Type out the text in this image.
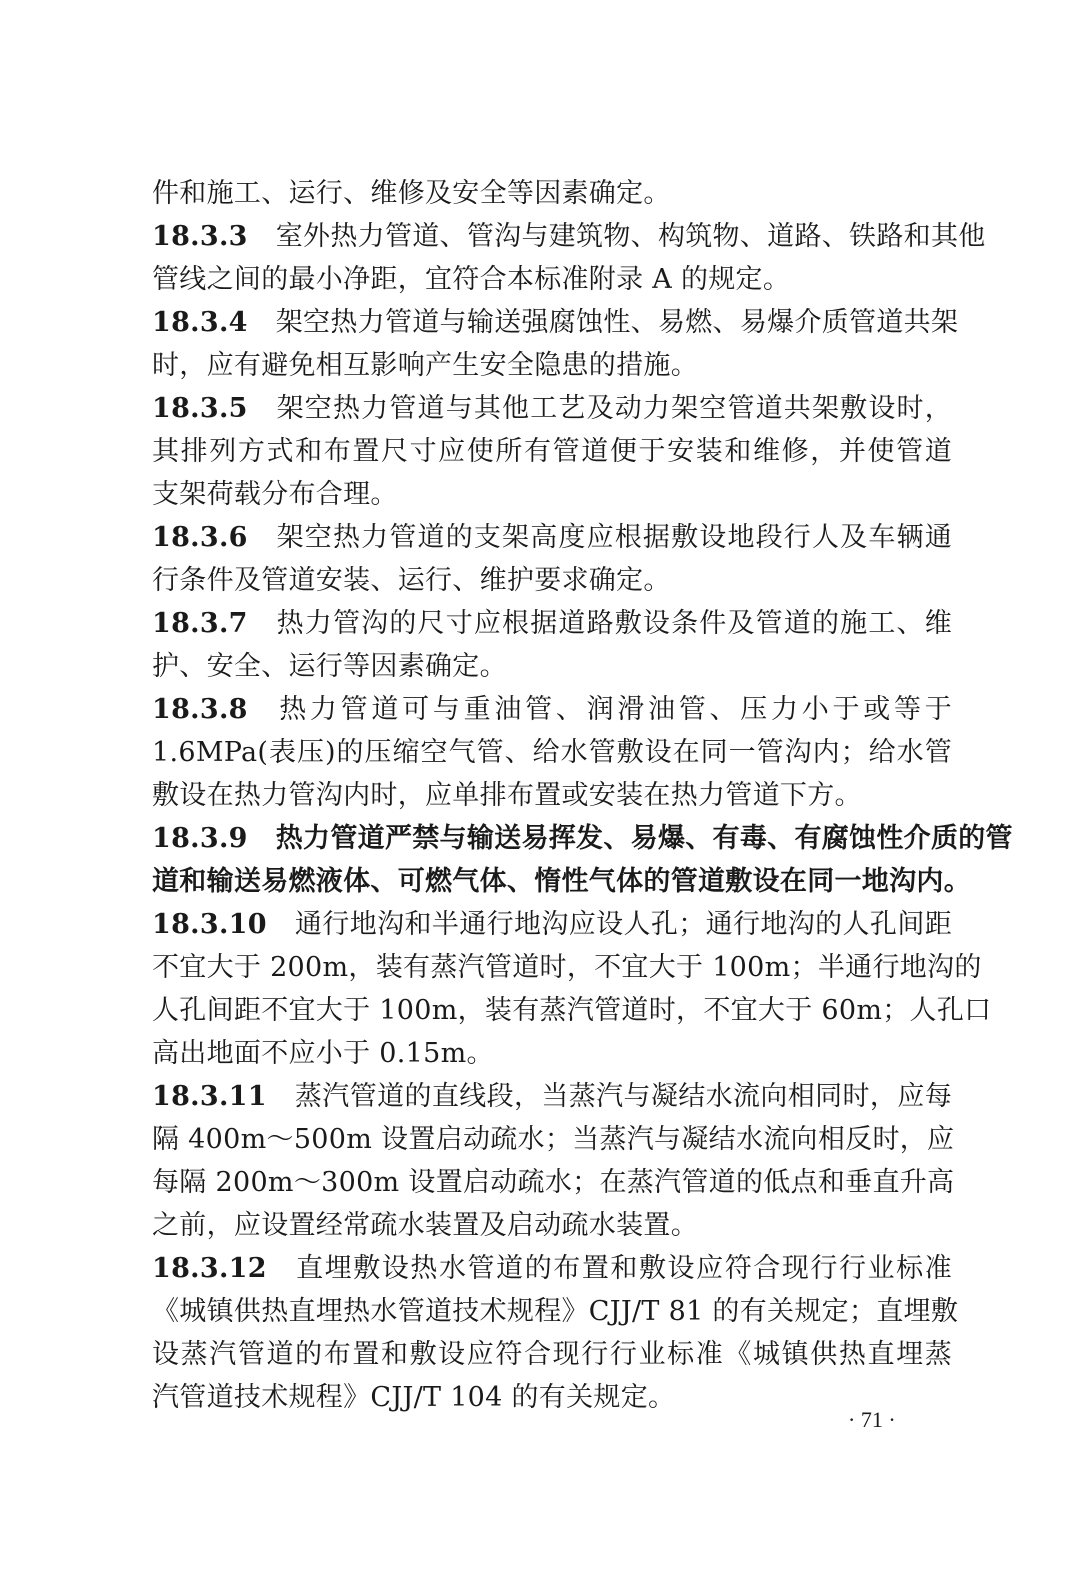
件和施工、运行、维修及安全等因素确定。
18.3.3 室外热力管道、管沟与建筑物、构筑物、道路、铁路和其他
管线之间的最小净距，宜符合本标准附录 A 的规定。
18.3.4 架空热力管道与输送强腐蚀性、易燃、易爆介质管道共架
时，应有避免相互影响产生安全隐患的措施。
18.3.5 架空热力管道与其他工艺及动力架空管道共架敷设时，
其排列方式和布置尺寸应使所有管道便于安装和维修，并使管道
支架荷载分布合理。
18.3.6 架空热力管道的支架高度应根据敷设地段行人及车辆通
行条件及管道安装、运行、维护要求确定。
18.3.7 热力管沟的尺寸应根据道路敷设条件及管道的施工、维
护、安全、运行等因素确定。
18.3.8 热力管道可与重油管、润滑油管、压力小于或等于
1.6MPa(表压)的压缩空气管、给水管敷设在同一管沟内；给水管
敷设在热力管沟内时，应单排布置或安装在热力管道下方。
18.3.9 热力管道严禁与输送易挥发、易爆、有毒、有腐蚀性介质的管
道和输送易燃液体、可燃气体、惰性气体的管道敷设在同一地沟内。
18.3.10 通行地沟和半通行地沟应设人孔；通行地沟的人孔间距
不宜大于 200m，装有蒸汽管道时，不宜大于 100m；半通行地沟的
人孔间距不宜大于 100m，装有蒸汽管道时，不宜大于 60m；人孔口
高出地面不应小于 0.15m。
18.3.11 蒸汽管道的直线段，当蒸汽与凝结水流向相同时，应每
隔 400m～500m 设置启动疏水；当蒸汽与凝结水流向相反时，应
每隔 200m～300m 设置启动疏水；在蒸汽管道的低点和垂直升高
之前，应设置经常疏水装置及启动疏水装置。
18.3.12 直埋敷设热水管道的布置和敷设应符合现行行业标准
《城镇供热直埋热水管道技术规程》CJJ/T 81 的有关规定；直埋敷
设蒸汽管道的布置和敷设应符合现行行业标准《城镇供热直埋蒸
汽管道技术规程》CJJ/T 104 的有关规定。
· 71 ·
